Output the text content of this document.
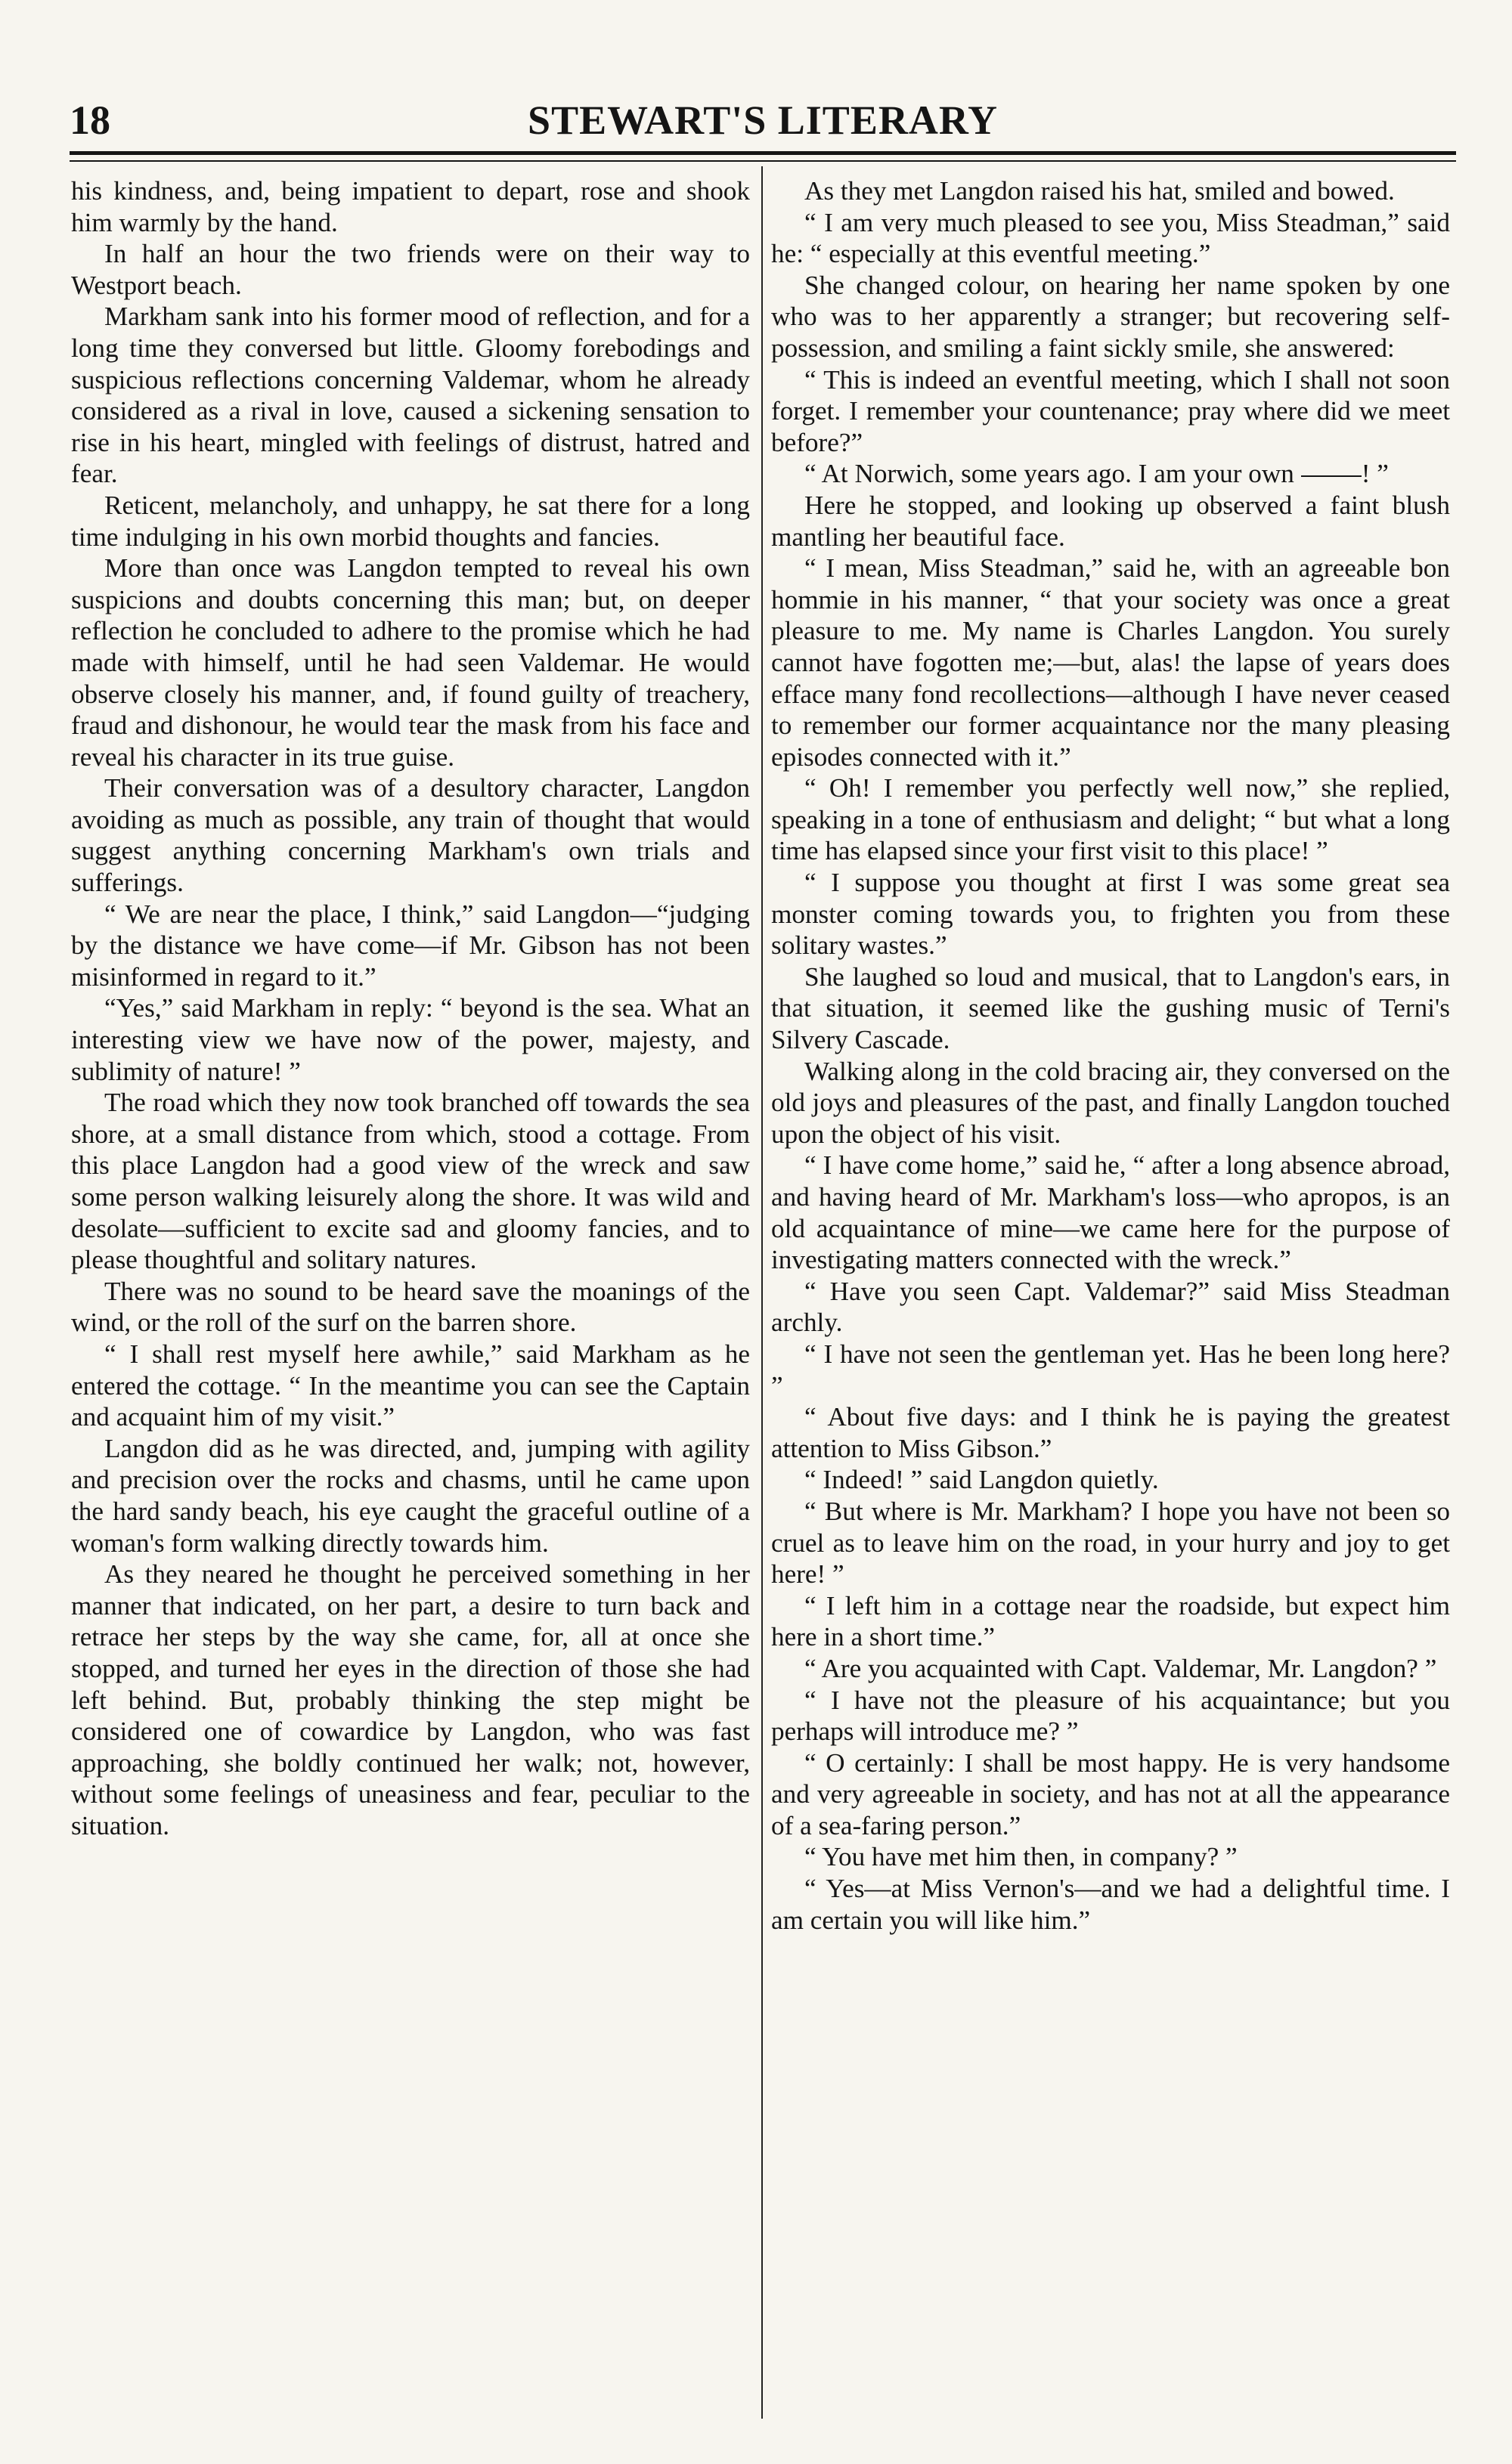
18	STEWART'S LITERARY

his kindness, and, being impatient to depart, rose and shook him warmly by the hand.

In half an hour the two friends were on their way to Westport beach.

Markham sank into his former mood of reflection, and for a long time they conversed but little. Gloomy forebodings and suspicious reflections concerning Valdemar, whom he already considered as a rival in love, caused a sickening sensation to rise in his heart, mingled with feelings of distrust, hatred and fear.

Reticent, melancholy, and unhappy, he sat there for a long time indulging in his own morbid thoughts and fancies.

More than once was Langdon tempted to reveal his own suspicions and doubts concerning this man; but, on deeper reflection he concluded to adhere to the promise which he had made with himself, until he had seen Valdemar. He would observe closely his manner, and, if found guilty of treachery, fraud and dishonour, he would tear the mask from his face and reveal his character in its true guise.

Their conversation was of a desultory character, Langdon avoiding as much as possible, any train of thought that would suggest anything concerning Markham's own trials and sufferings.

“ We are near the place, I think,” said Langdon—“judging by the distance we have come—if Mr. Gibson has not been misinformed in regard to it.”

“Yes,” said Markham in reply: “ beyond is the sea. What an interesting view we have now of the power, majesty, and sublimity of nature! ”

The road which they now took branched off towards the sea shore, at a small distance from which, stood a cottage. From this place Langdon had a good view of the wreck and saw some person walking leisurely along the shore. It was wild and desolate—sufficient to excite sad and gloomy fancies, and to please thoughtful and solitary natures.

There was no sound to be heard save the moanings of the wind, or the roll of the surf on the barren shore.

“ I shall rest myself here awhile,” said Markham as he entered the cottage. “ In the meantime you can see the Captain and acquaint him of my visit.”

Langdon did as he was directed, and, jumping with agility and precision over the rocks and chasms, until he came upon the hard sandy beach, his eye caught the graceful outline of a woman's form walking directly towards him.

As they neared he thought he perceived something in her manner that indicated, on her part, a desire to turn back and retrace her steps by the way she came, for, all at once she stopped, and turned her eyes in the direction of those she had left behind. But, probably thinking the step might be considered one of cowardice by Langdon, who was fast approaching, she boldly continued her walk; not, however, without some feelings of uneasiness and fear, peculiar to the situation.

As they met Langdon raised his hat, smiled and bowed.

“ I am very much pleased to see you, Miss Steadman,” said he: “ especially at this eventful meeting.”

She changed colour, on hearing her name spoken by one who was to her apparently a stranger; but recovering self-possession, and smiling a faint sickly smile, she answered:

“ This is indeed an eventful meeting, which I shall not soon forget. I remember your countenance; pray where did we meet before?”

“ At Norwich, some years ago. I am your own ! ”

Here he stopped, and looking up observed a faint blush mantling her beautiful face.

“ I mean, Miss Steadman,” said he, with an agreeable bon hommie in his manner, “ that your society was once a great pleasure to me. My name is Charles Langdon. You surely cannot have fogotten me;—but, alas! the lapse of years does efface many fond recollections—although I have never ceased to remember our former acquaintance nor the many pleasing episodes connected with it.”

“ Oh! I remember you perfectly well now,” she replied, speaking in a tone of enthusiasm and delight; “ but what a long time has elapsed since your first visit to this place! ”

“ I suppose you thought at first I was some great sea monster coming towards you, to frighten you from these solitary wastes.”

She laughed so loud and musical, that to Langdon's ears, in that situation, it seemed like the gushing music of Terni's Silvery Cascade.

Walking along in the cold bracing air, they conversed on the old joys and pleasures of the past, and finally Langdon touched upon the object of his visit.

“ I have come home,” said he, “ after a long absence abroad, and having heard of Mr. Markham's loss—who apropos, is an old acquaintance of mine—we came here for the purpose of investigating matters connected with the wreck.”

“ Have you seen Capt. Valdemar?” said Miss Steadman archly.

“ I have not seen the gentleman yet. Has he been long here? ”

“ About five days: and I think he is paying the greatest attention to Miss Gibson.”

“ Indeed! ” said Langdon quietly.

“ But where is Mr. Markham? I hope you have not been so cruel as to leave him on the road, in your hurry and joy to get here! ”

“ I left him in a cottage near the roadside, but expect him here in a short time.”

“ Are you acquainted with Capt. Valdemar, Mr. Langdon? ”

“ I have not the pleasure of his acquaintance; but you perhaps will introduce me? ”

“ O certainly: I shall be most happy. He is very handsome and very agreeable in society, and has not at all the appearance of a sea-faring person.”

“ You have met him then, in company? ”

“ Yes—at Miss Vernon's—and we had a delightful time. I am certain you will like him.”
